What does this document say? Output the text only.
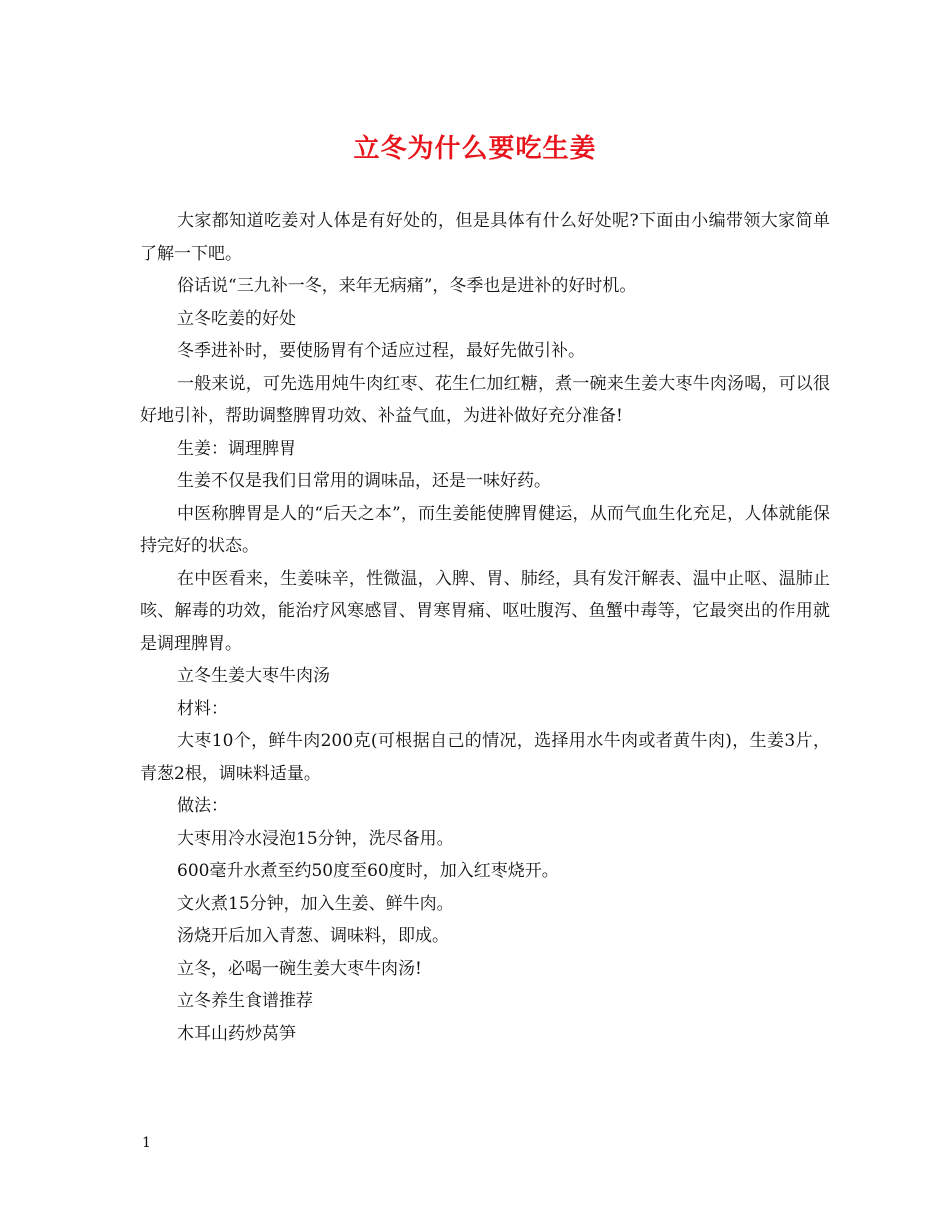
立冬为什么要吃生姜

大家都知道吃姜对人体是有好处的，但是具体有什么好处呢?下面由小编带领大家简单了解一下吧。

俗话说“三九补一冬，来年无病痛”，冬季也是进补的好时机。

立冬吃姜的好处

冬季进补时，要使肠胃有个适应过程，最好先做引补。

一般来说，可先选用炖牛肉红枣、花生仁加红糖，煮一碗来生姜大枣牛肉汤喝，可以很好地引补，帮助调整脾胃功效、补益气血，为进补做好充分准备!

生姜：调理脾胃

生姜不仅是我们日常用的调味品，还是一味好药。

中医称脾胃是人的“后天之本”，而生姜能使脾胃健运，从而气血生化充足，人体就能保持完好的状态。

在中医看来，生姜味辛，性微温，入脾、胃、肺经，具有发汗解表、温中止呕、温肺止咳、解毒的功效，能治疗风寒感冒、胃寒胃痛、呕吐腹泻、鱼蟹中毒等，它最突出的作用就是调理脾胃。

立冬生姜大枣牛肉汤

材料：

大枣10个，鲜牛肉200克(可根据自己的情况，选择用水牛肉或者黄牛肉)，生姜3片，青葱2根，调味料适量。

做法：

大枣用冷水浸泡15分钟，洗尽备用。

600毫升水煮至约50度至60度时，加入红枣烧开。

文火煮15分钟，加入生姜、鲜牛肉。

汤烧开后加入青葱、调味料，即成。

立冬，必喝一碗生姜大枣牛肉汤!

立冬养生食谱推荐

木耳山药炒莴笋

1
